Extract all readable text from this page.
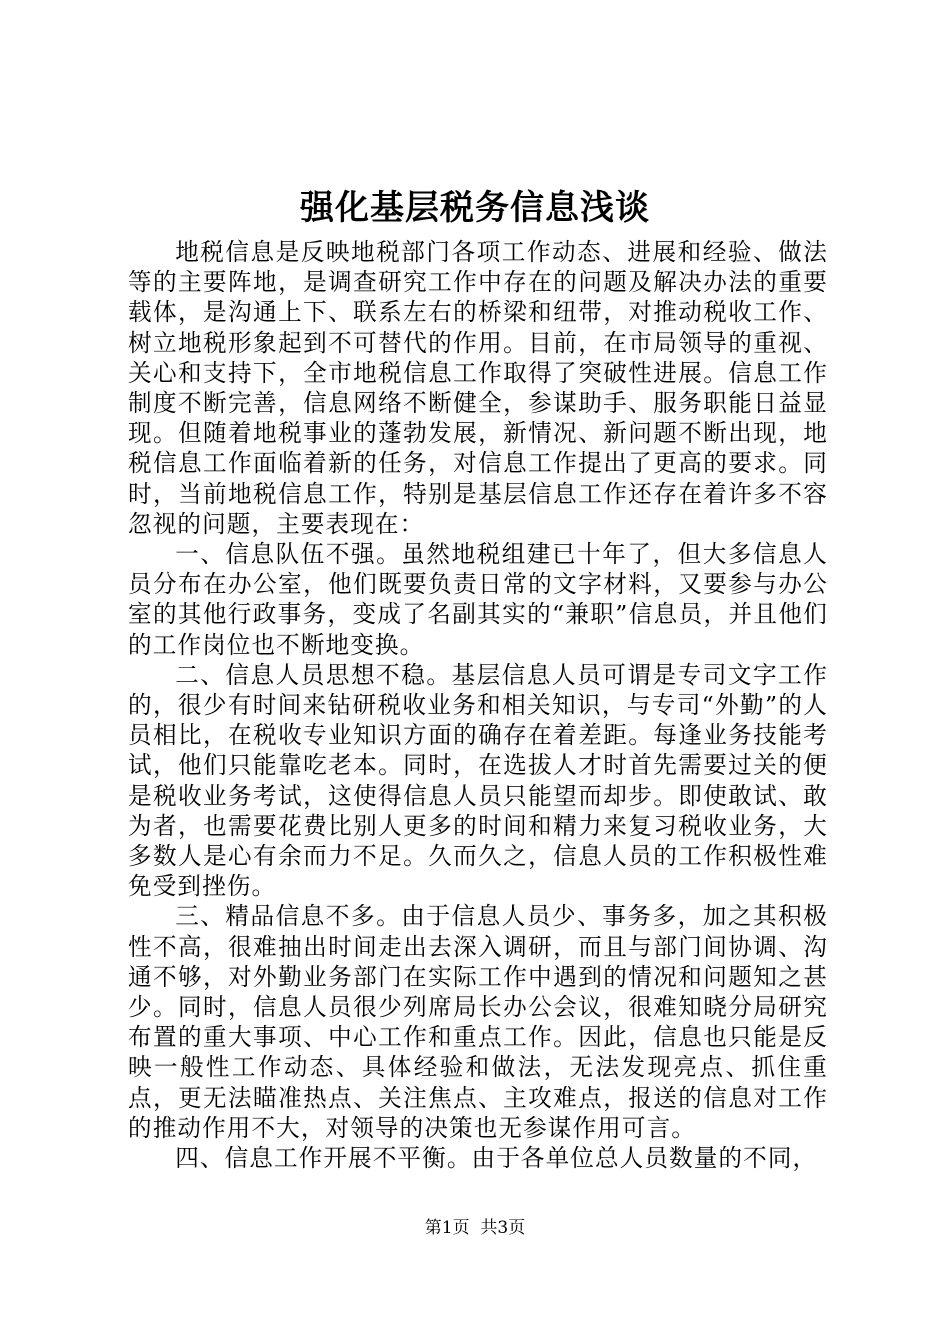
强化基层税务信息浅谈

地税信息是反映地税部门各项工作动态、进展和经验、做法等的主要阵地，是调查研究工作中存在的问题及解决办法的重要载体，是沟通上下、联系左右的桥梁和纽带，对推动税收工作、树立地税形象起到不可替代的作用。目前，在市局领导的重视、关心和支持下，全市地税信息工作取得了突破性进展。信息工作制度不断完善，信息网络不断健全，参谋助手、服务职能日益显现。但随着地税事业的蓬勃发展，新情况、新问题不断出现，地税信息工作面临着新的任务，对信息工作提出了更高的要求。同时，当前地税信息工作，特别是基层信息工作还存在着许多不容忽视的问题，主要表现在：

一、信息队伍不强。虽然地税组建已十年了，但大多信息人员分布在办公室，他们既要负责日常的文字材料，又要参与办公室的其他行政事务，变成了名副其实的“兼职”信息员，并且他们的工作岗位也不断地变换。

二、信息人员思想不稳。基层信息人员可谓是专司文字工作的，很少有时间来钻研税收业务和相关知识，与专司“外勤”的人员相比，在税收专业知识方面的确存在着差距。每逢业务技能考试，他们只能靠吃老本。同时，在选拔人才时首先需要过关的便是税收业务考试，这使得信息人员只能望而却步。即使敢试、敢为者，也需要花费比别人更多的时间和精力来复习税收业务，大多数人是心有余而力不足。久而久之，信息人员的工作积极性难免受到挫伤。

三、精品信息不多。由于信息人员少、事务多，加之其积极性不高，很难抽出时间走出去深入调研，而且与部门间协调、沟通不够，对外勤业务部门在实际工作中遇到的情况和问题知之甚少。同时，信息人员很少列席局长办公会议，很难知晓分局研究布置的重大事项、中心工作和重点工作。因此，信息也只能是反映一般性工作动态、具体经验和做法，无法发现亮点、抓住重点，更无法瞄准热点、关注焦点、主攻难点，报送的信息对工作的推动作用不大，对领导的决策也无参谋作用可言。

四、信息工作开展不平衡。由于各单位总人员数量的不同，

第1页 共3页
